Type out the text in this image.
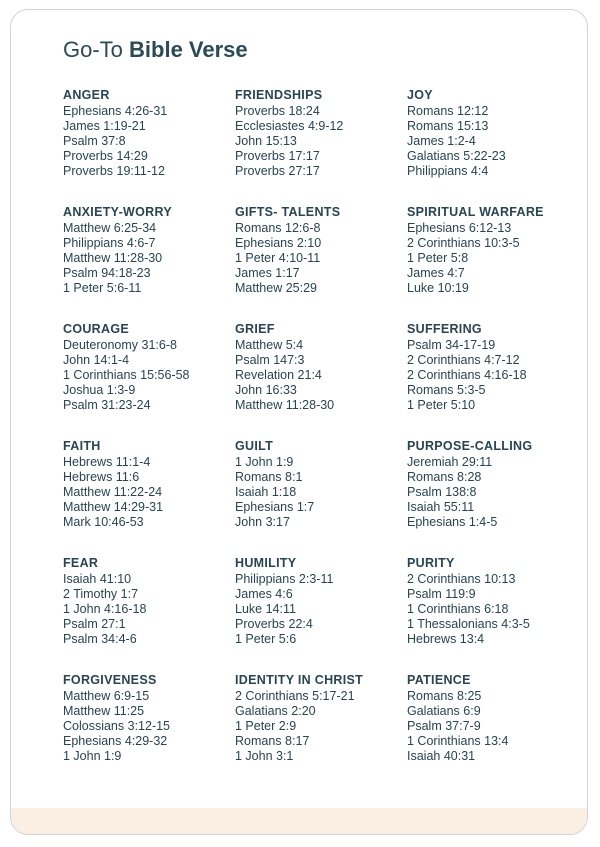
Go-To Bible Verse
ANGER
Ephesians 4:26-31
James 1:19-21
Psalm 37:8
Proverbs 14:29
Proverbs 19:11-12
FRIENDSHIPS
Proverbs 18:24
Ecclesiastes 4:9-12
John 15:13
Proverbs 17:17
Proverbs 27:17
JOY
Romans 12:12
Romans 15:13
James 1:2-4
Galatians 5:22-23
Philippians 4:4
ANXIETY-WORRY
Matthew 6:25-34
Philippians 4:6-7
Matthew 11:28-30
Psalm 94:18-23
1 Peter 5:6-11
GIFTS- TALENTS
Romans 12:6-8
Ephesians 2:10
1 Peter 4:10-11
James 1:17
Matthew 25:29
SPIRITUAL WARFARE
Ephesians 6:12-13
2 Corinthians 10:3-5
1 Peter 5:8
James 4:7
Luke 10:19
COURAGE
Deuteronomy 31:6-8
John 14:1-4
1 Corinthians 15:56-58
Joshua 1:3-9
Psalm 31:23-24
GRIEF
Matthew 5:4
Psalm 147:3
Revelation 21:4
John 16:33
Matthew 11:28-30
SUFFERING
Psalm 34-17-19
2 Corinthians 4:7-12
2 Corinthians 4:16-18
Romans 5:3-5
1 Peter 5:10
FAITH
Hebrews 11:1-4
Hebrews 11:6
Matthew 11:22-24
Matthew 14:29-31
Mark 10:46-53
GUILT
1 John 1:9
Romans 8:1
Isaiah 1:18
Ephesians 1:7
John 3:17
PURPOSE-CALLING
Jeremiah 29:11
Romans 8:28
Psalm 138:8
Isaiah 55:11
Ephesians 1:4-5
FEAR
Isaiah 41:10
2 Timothy 1:7
1 John 4:16-18
Psalm 27:1
Psalm 34:4-6
HUMILITY
Philippians 2:3-11
James 4:6
Luke 14:11
Proverbs 22:4
1 Peter 5:6
PURITY
2 Corinthians 10:13
Psalm 119:9
1 Corinthians 6:18
1 Thessalonians 4:3-5
Hebrews 13:4
FORGIVENESS
Matthew 6:9-15
Matthew 11:25
Colossians 3:12-15
Ephesians 4:29-32
1 John 1:9
IDENTITY IN CHRIST
2 Corinthians 5:17-21
Galatians 2:20
1 Peter 2:9
Romans 8:17
1 John 3:1
PATIENCE
Romans 8:25
Galatians 6:9
Psalm 37:7-9
1 Corinthians 13:4
Isaiah 40:31
